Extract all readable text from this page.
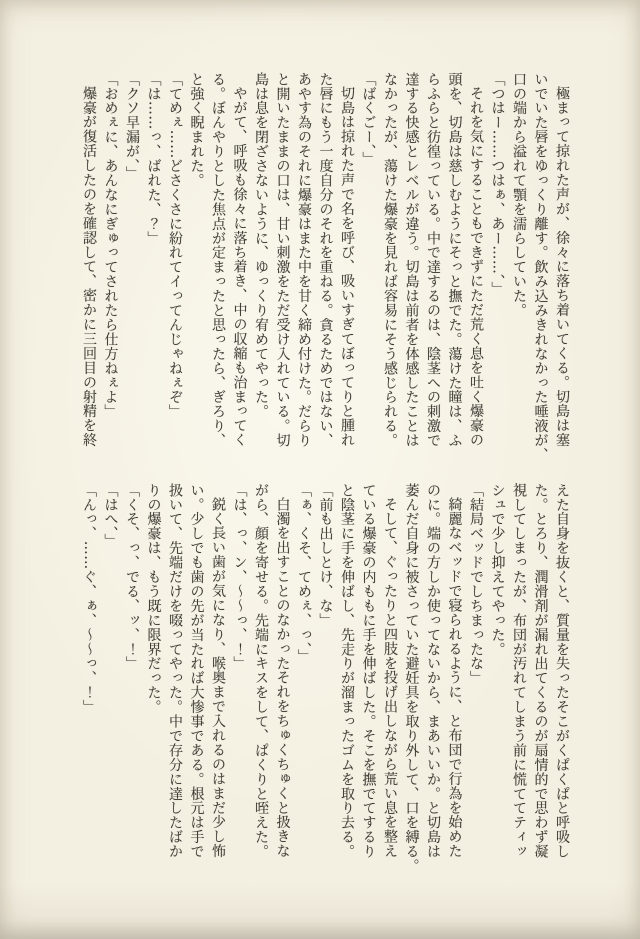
極まって掠れた声が、徐々に落ち着いてくる。切島は塞
いでいた唇をゆっくり離す。飲み込みきれなかった唾液が、
口の端から溢れて顎を濡らしていた。
「つはー……つはぁ、あー……、」
それを気にすることもできずにただ荒く息を吐く爆豪の
頭を、切島は慈しむようにそっと撫でた。蕩けた瞳は、ふ
らふらと彷徨っている。中で達するのは、陰茎への刺激で
達する快感とレベルが違う。切島は前者を体感したことは
なかったが、蕩けた爆豪を見れば容易にそう感じられる。
「ばくごー、」
切島は掠れた声で名を呼び、吸いすぎてぼってりと腫れ
た唇にもう一度自分のそれを重ねる。貪るためではない、
あやす為のそれに爆豪はまた中を甘く締め付けた。だらり
と開いたままの口は、甘い刺激をただ受け入れている。切
島は息を閉ざさないように、ゆっくり宥めてやった。
やがて、呼吸も徐々に落ち着き、中の収縮も治まってく
る。ぼんやりとした焦点が定まったと思ったら、ぎろり、
と強く睨まれた。
「てめぇ……どさくさに紛れてイってんじゃねぇぞ」
「は……っ、ばれた、？」
「クソ早漏が、」
「おめぇに、あんなにぎゅってされたら仕方ねぇよ」
爆豪が復活したのを確認して、密かに三回目の射精を終
えた自身を抜くと、質量を失ったそこがくぱくぱと呼吸し
た。とろり、潤滑剤が漏れ出てくるのが扇情的で思わず凝
視してしまったが、布団が汚れてしまう前に慌ててティッ
シュで少し抑えてやった。
「結局ベッドでしちまったな」
綺麗なベッドで寝られるように、と布団で行為を始めた
のに。端の方しか使ってないから、まあいいか。と切島は
萎んだ自身に被さっていた避妊具を取り外して、口を縛る。
そして、ぐったりと四肢を投げ出しながら荒い息を整え
ている爆豪の内ももに手を伸ばした。そこを撫でてするり
と陰茎に手を伸ばし、先走りが溜まったゴムを取り去る。
「前も出しとけ、な」
「ぁ、くそ、てめぇ、っ、」
白濁を出すことのなかったそれをちゅくちゅくと扱きな
がら、顔を寄せる。先端にキスをして、ぱくりと咥えた。
「は、っ、ン、～～っ、！」
鋭く長い歯が気になり、喉奥まで入れるのはまだ少し怖
い。少しでも歯の先が当たれば大惨事である。根元は手で
扱いて、先端だけを啜ってやった。中で存分に達したばか
りの爆豪は、もう既に限界だった。
「くそ、っ、でる、ッ、！」
「はへ、」
「んっ、……ぐ、ぁ、～～っ、！」
